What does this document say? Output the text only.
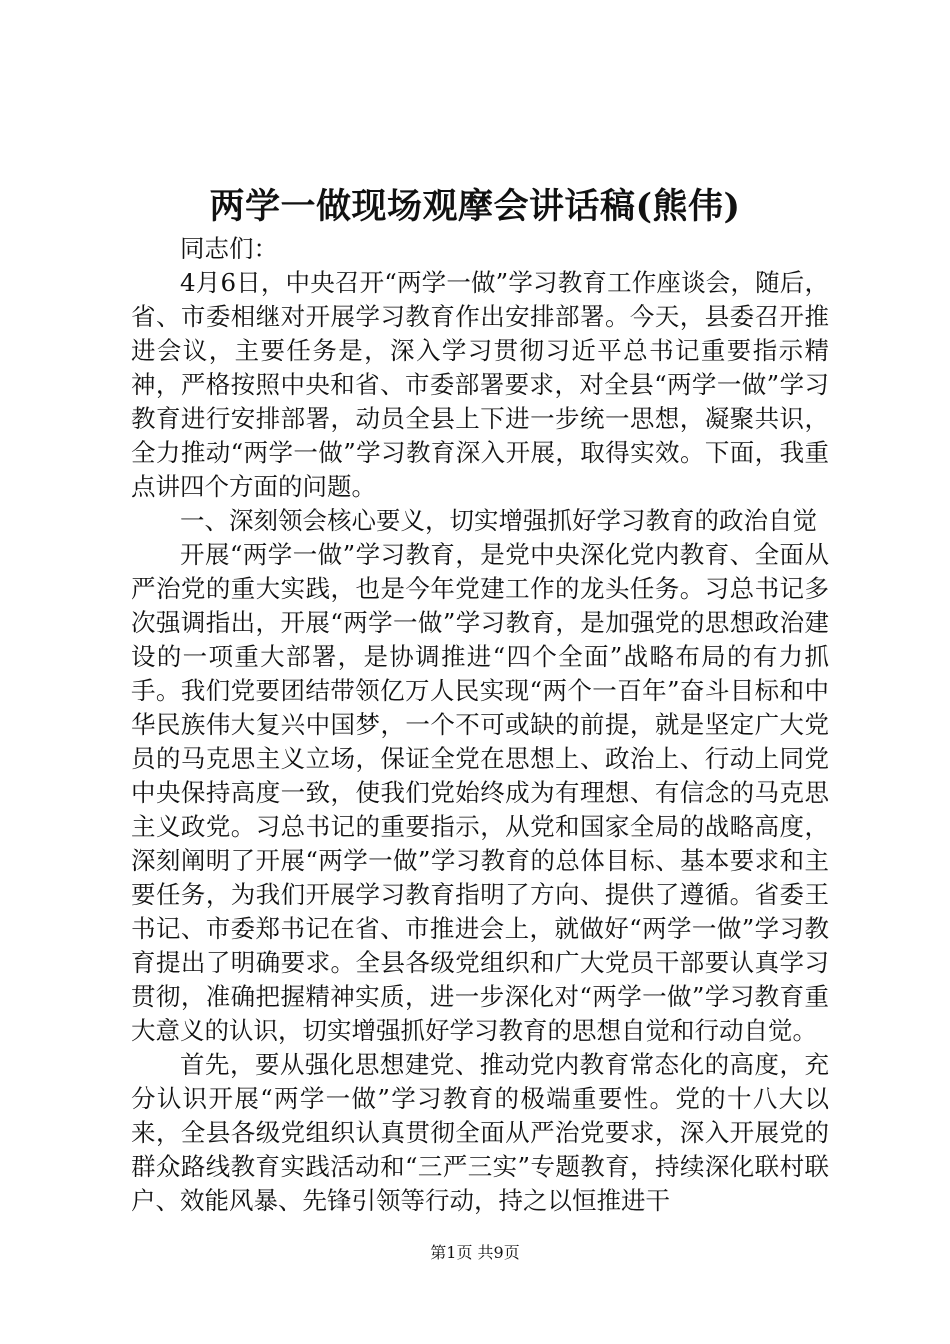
两学一做现场观摩会讲话稿(熊伟)

同志们：

4月6日，中央召开“两学一做”学习教育工作座谈会，随后，省、市委相继对开展学习教育作出安排部署。今天，县委召开推进会议，主要任务是，深入学习贯彻习近平总书记重要指示精神，严格按照中央和省、市委部署要求，对全县“两学一做”学习教育进行安排部署，动员全县上下进一步统一思想，凝聚共识，全力推动“两学一做”学习教育深入开展，取得实效。下面，我重点讲四个方面的问题。

一、深刻领会核心要义，切实增强抓好学习教育的政治自觉

开展“两学一做”学习教育，是党中央深化党内教育、全面从严治党的重大实践，也是今年党建工作的龙头任务。习总书记多次强调指出，开展“两学一做”学习教育，是加强党的思想政治建设的一项重大部署，是协调推进“四个全面”战略布局的有力抓手。我们党要团结带领亿万人民实现“两个一百年”奋斗目标和中华民族伟大复兴中国梦，一个不可或缺的前提，就是坚定广大党员的马克思主义立场，保证全党在思想上、政治上、行动上同党中央保持高度一致，使我们党始终成为有理想、有信念的马克思主义政党。习总书记的重要指示，从党和国家全局的战略高度，深刻阐明了开展“两学一做”学习教育的总体目标、基本要求和主要任务，为我们开展学习教育指明了方向、提供了遵循。省委王书记、市委郑书记在省、市推进会上，就做好“两学一做”学习教育提出了明确要求。全县各级党组织和广大党员干部要认真学习贯彻，准确把握精神实质，进一步深化对“两学一做”学习教育重大意义的认识，切实增强抓好学习教育的思想自觉和行动自觉。

首先，要从强化思想建党、推动党内教育常态化的高度，充分认识开展“两学一做”学习教育的极端重要性。党的十八大以来，全县各级党组织认真贯彻全面从严治党要求，深入开展党的群众路线教育实践活动和“三严三实”专题教育，持续深化联村联户、效能风暴、先锋引领等行动，持之以恒推进干

第1页 共9页
